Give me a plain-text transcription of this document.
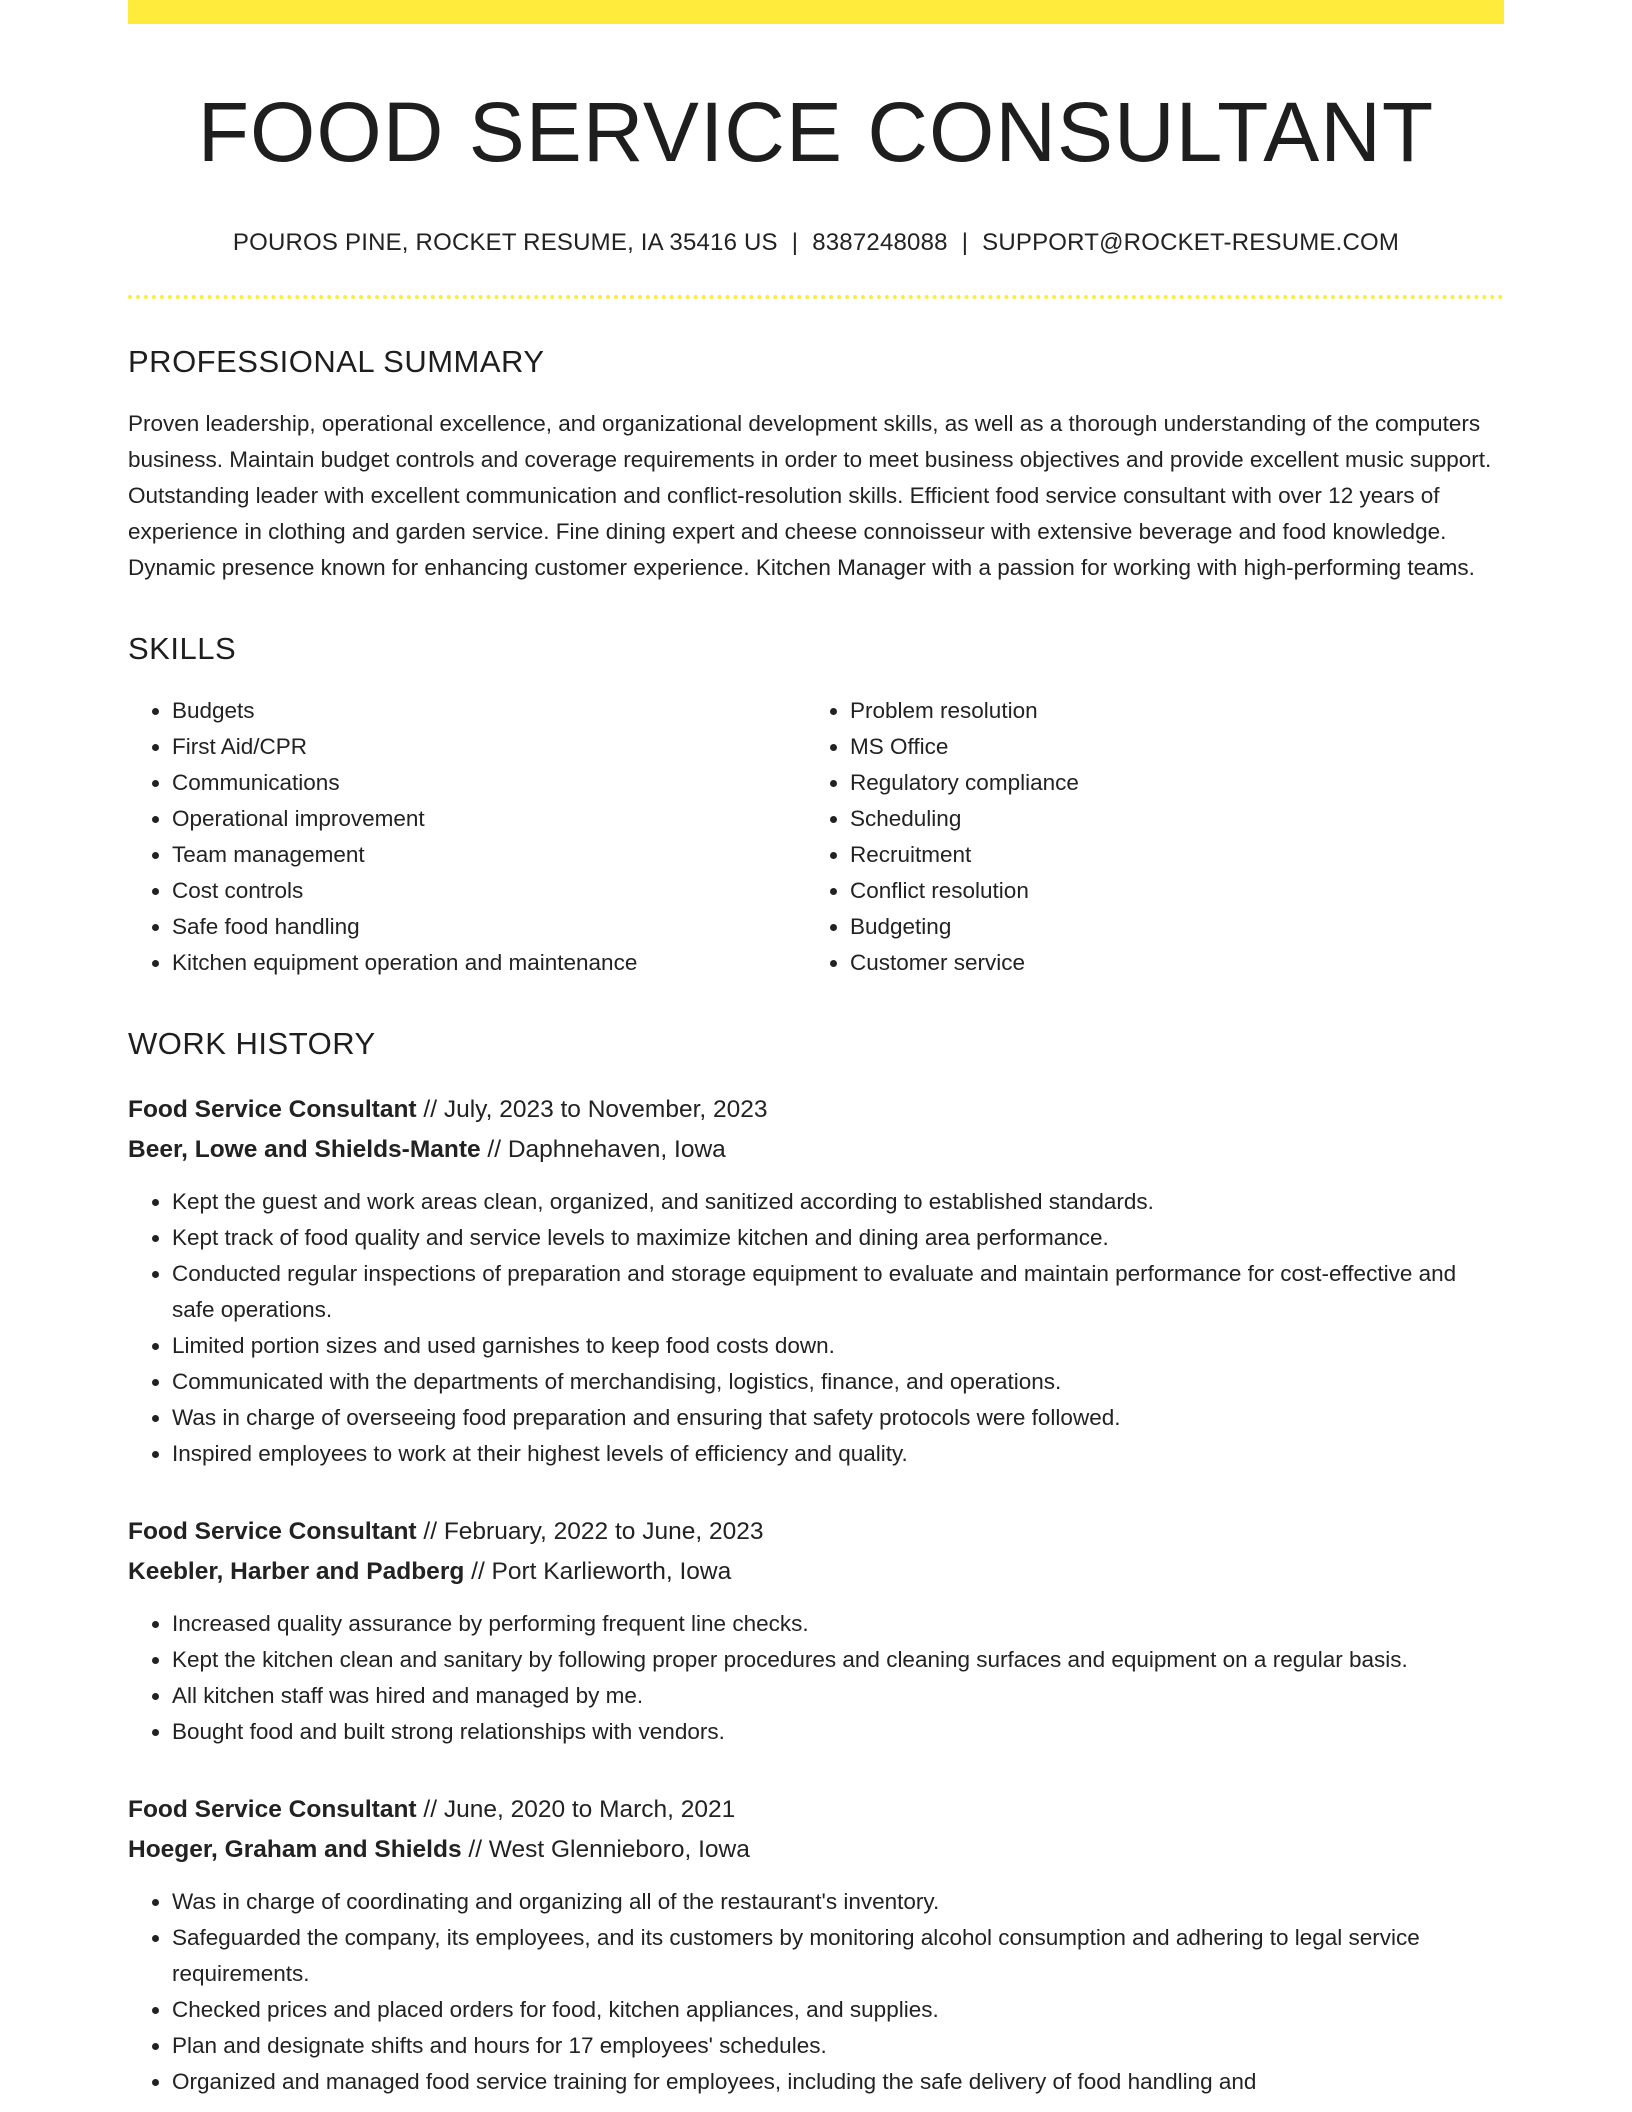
FOOD SERVICE CONSULTANT
POUROS PINE, ROCKET RESUME, IA 35416 US | 8387248088 | SUPPORT@ROCKET-RESUME.COM
PROFESSIONAL SUMMARY

Proven leadership, operational excellence, and organizational development skills, as well as a thorough understanding of the computers business. Maintain budget controls and coverage requirements in order to meet business objectives and provide excellent music support. Outstanding leader with excellent communication and conflict-resolution skills. Efficient food service consultant with over 12 years of experience in clothing and garden service. Fine dining expert and cheese connoisseur with extensive beverage and food knowledge. Dynamic presence known for enhancing customer experience. Kitchen Manager with a passion for working with high-performing teams.

SKILLS
• Budgets
• First Aid/CPR
• Communications
• Operational improvement
• Team management
• Cost controls
• Safe food handling
• Kitchen equipment operation and maintenance
• Problem resolution
• MS Office
• Regulatory compliance
• Scheduling
• Recruitment
• Conflict resolution
• Budgeting
• Customer service
WORK HISTORY
Food Service Consultant // July, 2023 to November, 2023
Beer, Lowe and Shields-Mante // Daphnehaven, Iowa
• Kept the guest and work areas clean, organized, and sanitized according to established standards.
• Kept track of food quality and service levels to maximize kitchen and dining area performance.
• Conducted regular inspections of preparation and storage equipment to evaluate and maintain performance for cost-effective and safe operations.
• Limited portion sizes and used garnishes to keep food costs down.
• Communicated with the departments of merchandising, logistics, finance, and operations.
• Was in charge of overseeing food preparation and ensuring that safety protocols were followed.
• Inspired employees to work at their highest levels of efficiency and quality.
Food Service Consultant // February, 2022 to June, 2023
Keebler, Harber and Padberg // Port Karlieworth, Iowa
• Increased quality assurance by performing frequent line checks.
• Kept the kitchen clean and sanitary by following proper procedures and cleaning surfaces and equipment on a regular basis.
• All kitchen staff was hired and managed by me.
• Bought food and built strong relationships with vendors.
Food Service Consultant // June, 2020 to March, 2021
Hoeger, Graham and Shields // West Glennieboro, Iowa
• Was in charge of coordinating and organizing all of the restaurant's inventory.
• Safeguarded the company, its employees, and its customers by monitoring alcohol consumption and adhering to legal service requirements.
• Checked prices and placed orders for food, kitchen appliances, and supplies.
• Plan and designate shifts and hours for 17 employees' schedules.
• Organized and managed food service training for employees, including the safe delivery of food handling and
